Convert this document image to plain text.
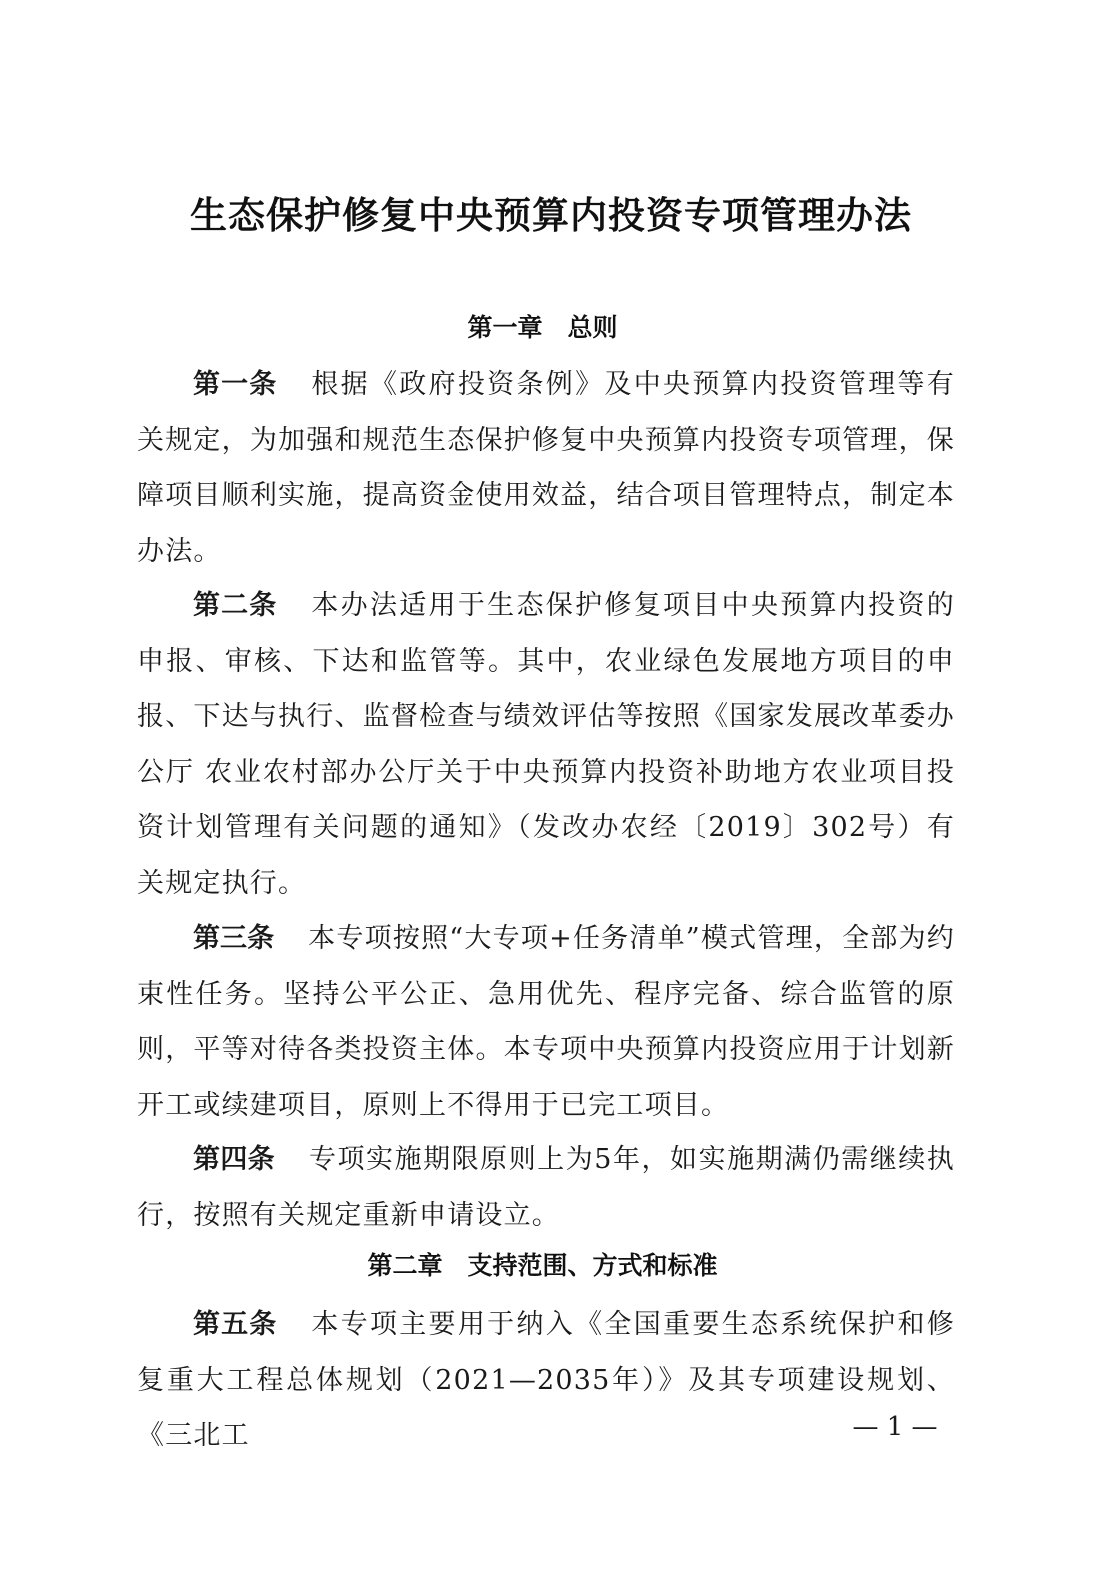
生态保护修复中央预算内投资专项管理办法
第一章　总则

第一条 根据《政府投资条例》及中央预算内投资管理等有关规定，为加强和规范生态保护修复中央预算内投资专项管理，保障项目顺利实施，提高资金使用效益，结合项目管理特点，制定本办法。

第二条 本办法适用于生态保护修复项目中央预算内投资的申报、审核、下达和监管等。其中，农业绿色发展地方项目的申报、下达与执行、监督检查与绩效评估等按照《国家发展改革委办公厅 农业农村部办公厅关于中央预算内投资补助地方农业项目投资计划管理有关问题的通知》（发改办农经〔2019〕302号）有关规定执行。

第三条 本专项按照“大专项+任务清单”模式管理，全部为约束性任务。坚持公平公正、急用优先、程序完备、综合监管的原则，平等对待各类投资主体。本专项中央预算内投资应用于计划新开工或续建项目，原则上不得用于已完工项目。

第四条 专项实施期限原则上为5年，如实施期满仍需继续执行，按照有关规定重新申请设立。

第二章　支持范围、方式和标准

第五条 本专项主要用于纳入《全国重要生态系统保护和修复重大工程总体规划（2021—2035年）》及其专项建设规划、《三北工	— 1 —
